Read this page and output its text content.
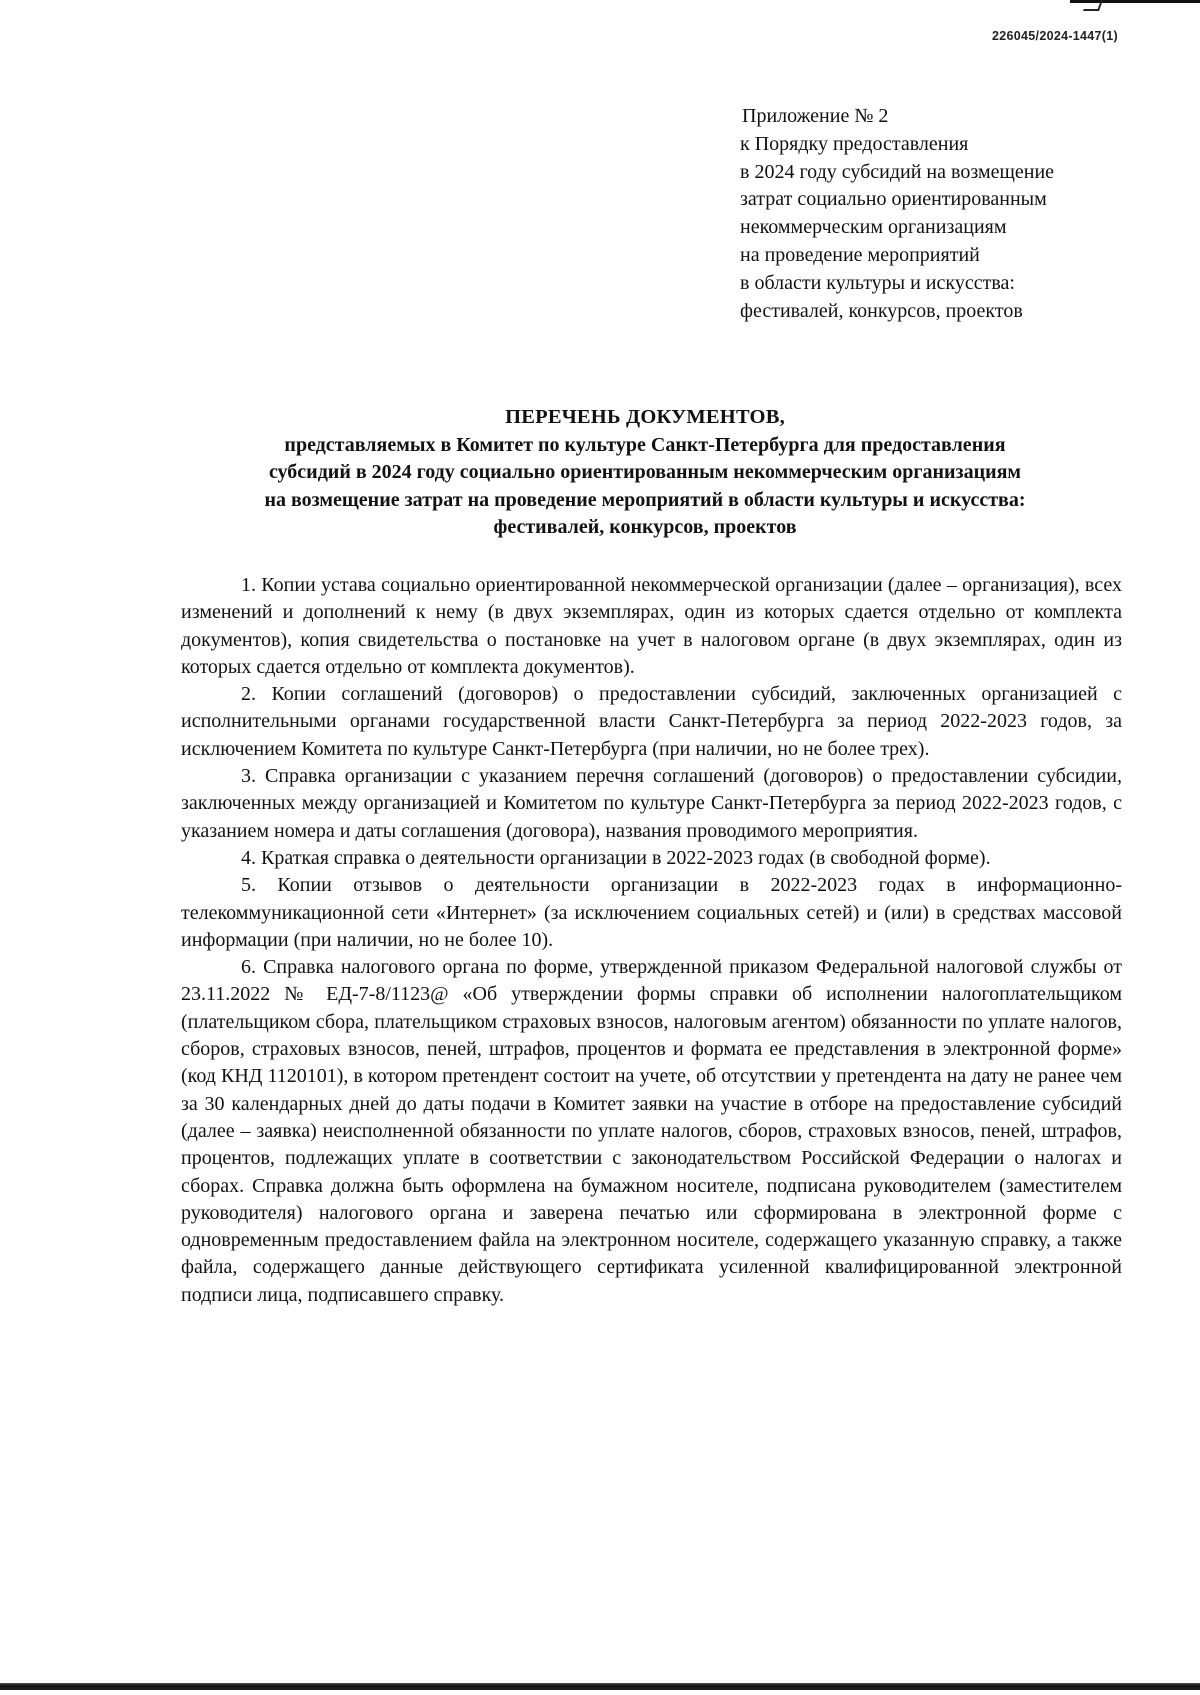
226045/2024-1447(1)
Приложение № 2
к Порядку предоставления
в 2024 году субсидий на возмещение
затрат социально ориентированным
некоммерческим организациям
на проведение мероприятий
в области культуры и искусства:
фестивалей, конкурсов, проектов
ПЕРЕЧЕНЬ ДОКУМЕНТОВ,
представляемых в Комитет по культуре Санкт-Петербурга для предоставления
субсидий в 2024 году социально ориентированным некоммерческим организациям
на возмещение затрат на проведение мероприятий в области культуры и искусства:
фестивалей, конкурсов, проектов

1. Копии устава социально ориентированной некоммерческой организации (далее – организация), всех изменений и дополнений к нему (в двух экземплярах, один из которых сдается отдельно от комплекта документов), копия свидетельства о постановке на учет в налоговом органе (в двух экземплярах, один из которых сдается отдельно от комплекта документов).

2. Копии соглашений (договоров) о предоставлении субсидий, заключенных организацией с исполнительными органами государственной власти Санкт-Петербурга за период 2022-2023 годов, за исключением Комитета по культуре Санкт-Петербурга (при наличии, но не более трех).

3. Справка организации с указанием перечня соглашений (договоров) о предоставлении субсидии, заключенных между организацией и Комитетом по культуре Санкт-Петербурга за период 2022-2023 годов, с указанием номера и даты соглашения (договора), названия проводимого мероприятия.

4. Краткая справка о деятельности организации в 2022-2023 годах (в свободной форме).

5. Копии отзывов о деятельности организации в 2022-2023 годах в информационно-телекоммуникационной сети «Интернет» (за исключением социальных сетей) и (или) в средствах массовой информации (при наличии, но не более 10).

6. Справка налогового органа по форме, утвержденной приказом Федеральной налоговой службы от 23.11.2022 № ЕД-7-8/1123@ «Об утверждении формы справки об исполнении налогоплательщиком (плательщиком сбора, плательщиком страховых взносов, налоговым агентом) обязанности по уплате налогов, сборов, страховых взносов, пеней, штрафов, процентов и формата ее представления в электронной форме» (код КНД 1120101), в котором претендент состоит на учете, об отсутствии у претендента на дату не ранее чем за 30 календарных дней до даты подачи в Комитет заявки на участие в отборе на предоставление субсидий (далее – заявка) неисполненной обязанности по уплате налогов, сборов, страховых взносов, пеней, штрафов, процентов, подлежащих уплате в соответствии с законодательством Российской Федерации о налогах и сборах. Справка должна быть оформлена на бумажном носителе, подписана руководителем (заместителем руководителя) налогового органа и заверена печатью или сформирована в электронной форме с одновременным предоставлением файла на электронном носителе, содержащего указанную справку, а также файла, содержащего данные действующего сертификата усиленной квалифицированной электронной подписи лица, подписавшего справку.
